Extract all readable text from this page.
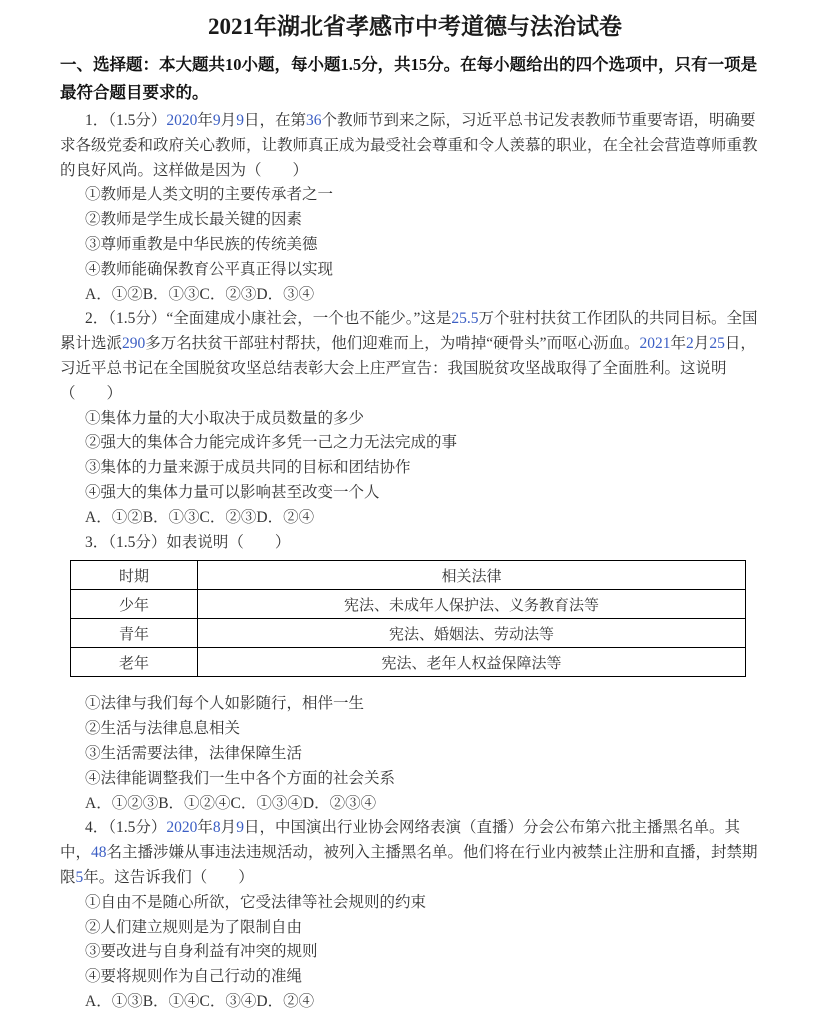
2021年湖北省孝感市中考道德与法治试卷

一、选择题：本大题共10小题，每小题1.5分，共15分。在每小题给出的四个选项中，只有一项是最符合题目要求的。

1．（1.5分）2020年9月9日，在第36个教师节到来之际，习近平总书记发表教师节重要寄语，明确要求各级党委和政府关心教师，让教师真正成为最受社会尊重和令人羡慕的职业，在全社会营造尊师重教的良好风尚。这样做是因为（　　）

①教师是人类文明的主要传承者之一

②教师是学生成长最关键的因素

③尊师重教是中华民族的传统美德

④教师能确保教育公平真正得以实现

A．①②B．①③C．②③D．③④

2．（1.5分）“全面建成小康社会，一个也不能少。”这是25.5万个驻村扶贫工作团队的共同目标。全国累计选派290多万名扶贫干部驻村帮扶，他们迎难而上，为啃掉“硬骨头”而呕心沥血。2021年2月25日，习近平总书记在全国脱贫攻坚总结表彰大会上庄严宣告：我国脱贫攻坚战取得了全面胜利。这说明（　　）

①集体力量的大小取决于成员数量的多少

②强大的集体合力能完成许多凭一己之力无法完成的事

③集体的力量来源于成员共同的目标和团结协作

④强大的集体力量可以影响甚至改变一个人

A．①②B．①③C．②③D．②④

3．（1.5分）如表说明（　　）

时期	相关法律
少年	宪法、未成年人保护法、义务教育法等
青年	宪法、婚姻法、劳动法等
老年	宪法、老年人权益保障法等

①法律与我们每个人如影随行，相伴一生

②生活与法律息息相关

③生活需要法律，法律保障生活

④法律能调整我们一生中各个方面的社会关系

A．①②③B．①②④C．①③④D．②③④

4．（1.5分）2020年8月9日，中国演出行业协会网络表演（直播）分会公布第六批主播黑名单。其中，48名主播涉嫌从事违法违规活动，被列入主播黑名单。他们将在行业内被禁止注册和直播，封禁期限5年。这告诉我们（　　）

①自由不是随心所欲，它受法律等社会规则的约束

②人们建立规则是为了限制自由

③要改进与自身利益有冲突的规则

④要将规则作为自己行动的准绳

A．①③B．①④C．③④D．②④
